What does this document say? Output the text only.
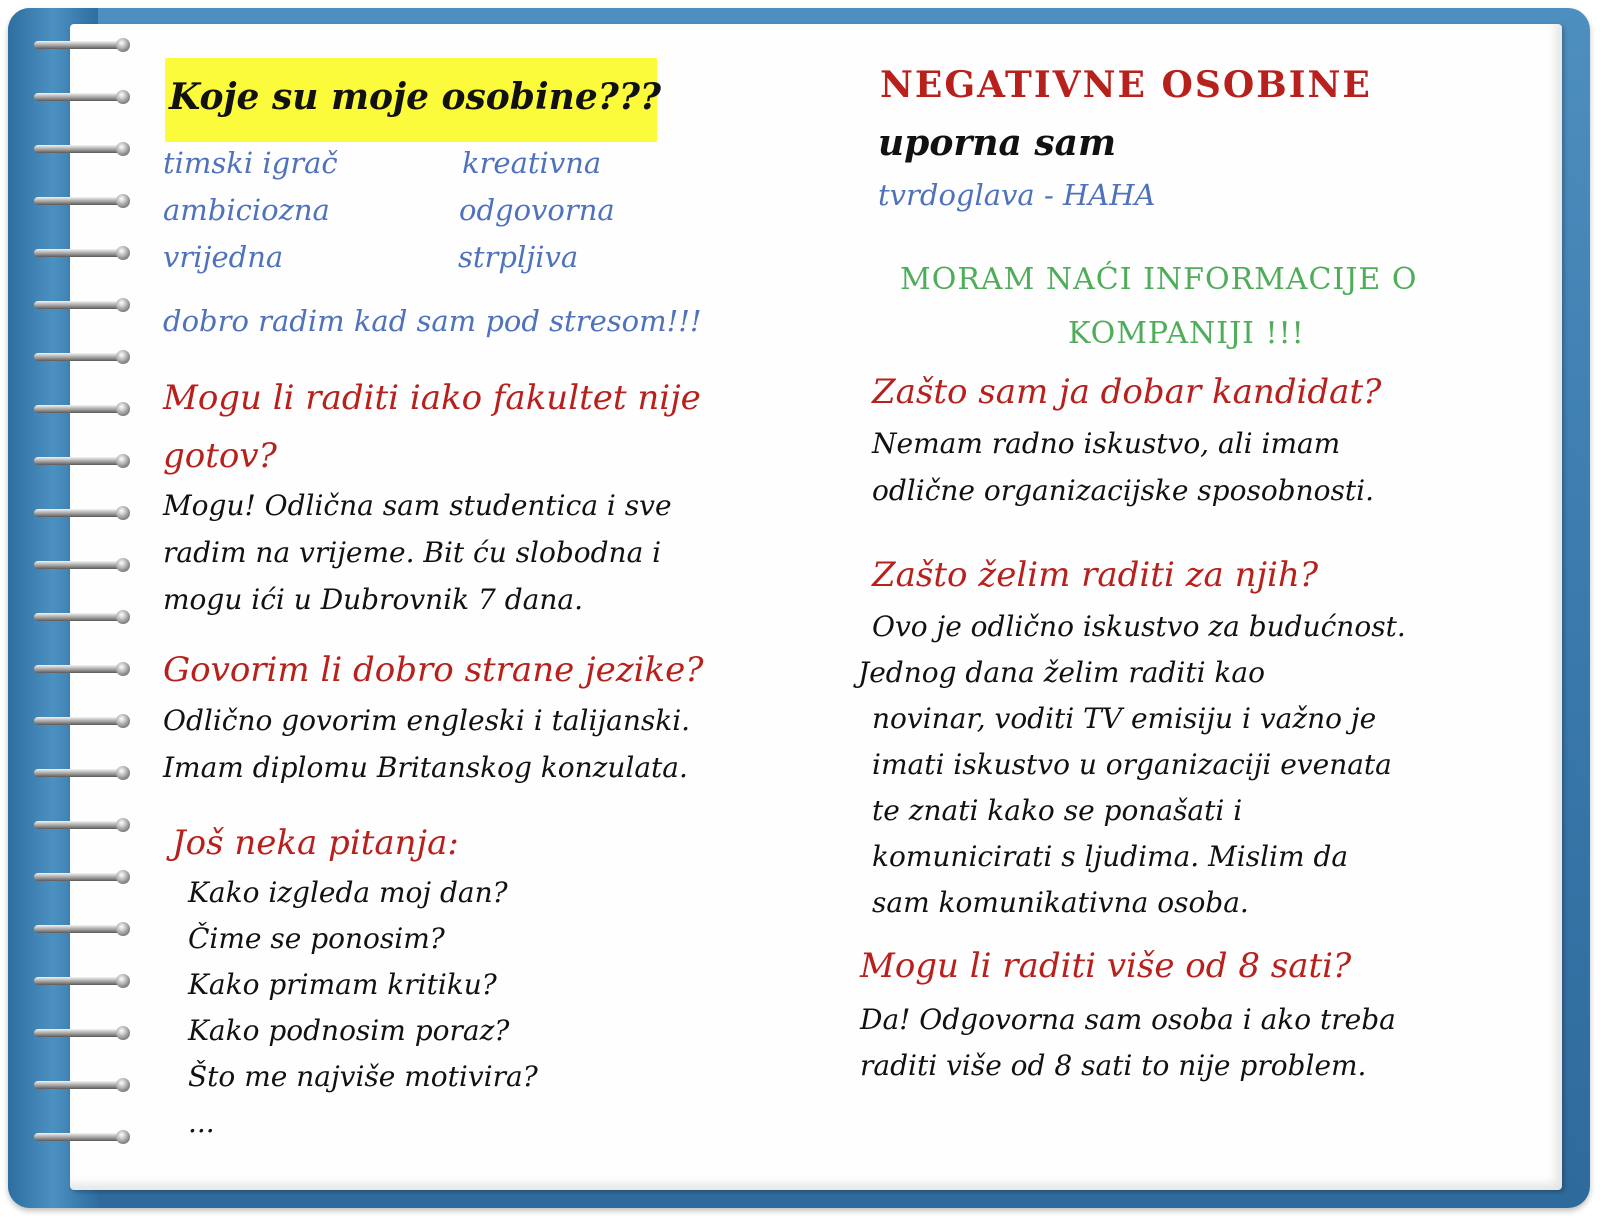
Koje su moje osobine???
timski igrač
ambiciozna
vrijedna
kreativna
odgovorna
strpljiva
dobro radim kad sam pod stresom!!!
Mogu li raditi iako fakultet nije
gotov?
Mogu! Odlična sam studentica i sve
radim na vrijeme. Bit ću slobodna i
mogu ići u Dubrovnik 7 dana.
Govorim li dobro strane jezike?
Odlično govorim engleski i talijanski.
Imam diplomu Britanskog konzulata.
Još neka pitanja:
Kako izgleda moj dan?
Čime se ponosim?
Kako primam kritiku?
Kako podnosim poraz?
Što me najviše motivira?
...
NEGATIVNE OSOBINE
uporna sam
tvrdoglava - HAHA
MORAM NAĆI INFORMACIJE O
KOMPANIJI !!!
Zašto sam ja dobar kandidat?
Nemam radno iskustvo, ali imam
odlične organizacijske sposobnosti.
Zašto želim raditi za njih?
Ovo je odlično iskustvo za budućnost.
Jednog dana želim raditi kao
novinar, voditi TV emisiju i važno je
imati iskustvo u organizaciji evenata
te znati kako se ponašati i
komunicirati s ljudima. Mislim da
sam komunikativna osoba.
Mogu li raditi više od 8 sati?
Da! Odgovorna sam osoba i ako treba
raditi više od 8 sati to nije problem.
